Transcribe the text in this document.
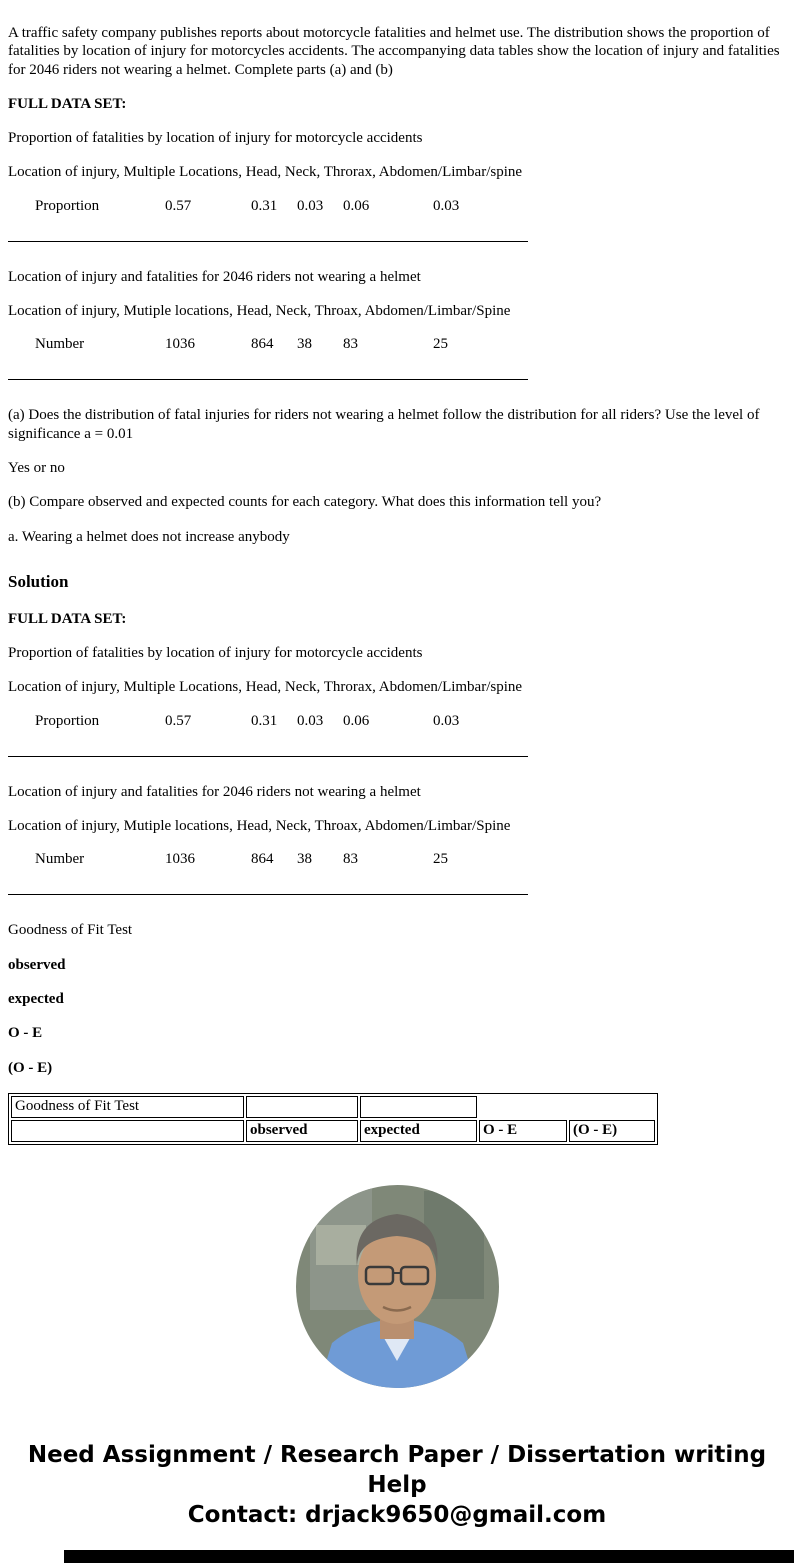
A traffic safety company publishes reports about motorcycle fatalities and helmet use. The distribution shows the proportion of fatalities by location of injury for motorcycles accidents. The accompanying data tables show the location of injury and fatalities for 2046 riders not wearing a helmet. Complete parts (a) and (b)

FULL DATA SET:

Proportion of fatalities by location of injury for motorcycle accidents

Location of injury, Multiple Locations, Head, Neck, Throrax, Abdomen/Limbar/spine

Proportion	0.57	0.31 0.03 0.06	0.03

Location of injury and fatalities for 2046 riders not wearing a helmet

Location of injury, Mutiple locations, Head, Neck, Throax, Abdomen/Limbar/Spine

Number	1036	864 38 83	25

(a) Does the distribution of fatal injuries for riders not wearing a helmet follow the distribution for all riders? Use the level of significance a = 0.01

Yes or no

(b) Compare observed and expected counts for each category. What does this information tell you?

a. Wearing a helmet does not increase anybody

Solution

FULL DATA SET:

Proportion of fatalities by location of injury for motorcycle accidents

Location of injury, Multiple Locations, Head, Neck, Throrax, Abdomen/Limbar/spine

Proportion	0.57	0.31 0.03 0.06	0.03

Location of injury and fatalities for 2046 riders not wearing a helmet

Location of injury, Mutiple locations, Head, Neck, Throax, Abdomen/Limbar/Spine

Number	1036	864 38 83	25

Goodness of Fit Test

observed

expected

O - E

(O - E)

Goodness of Fit Test				
	observed	expected	O - E	(O - E)
Need Assignment / Research Paper / Dissertation writing Help
Contact: drjack9650@gmail.com
